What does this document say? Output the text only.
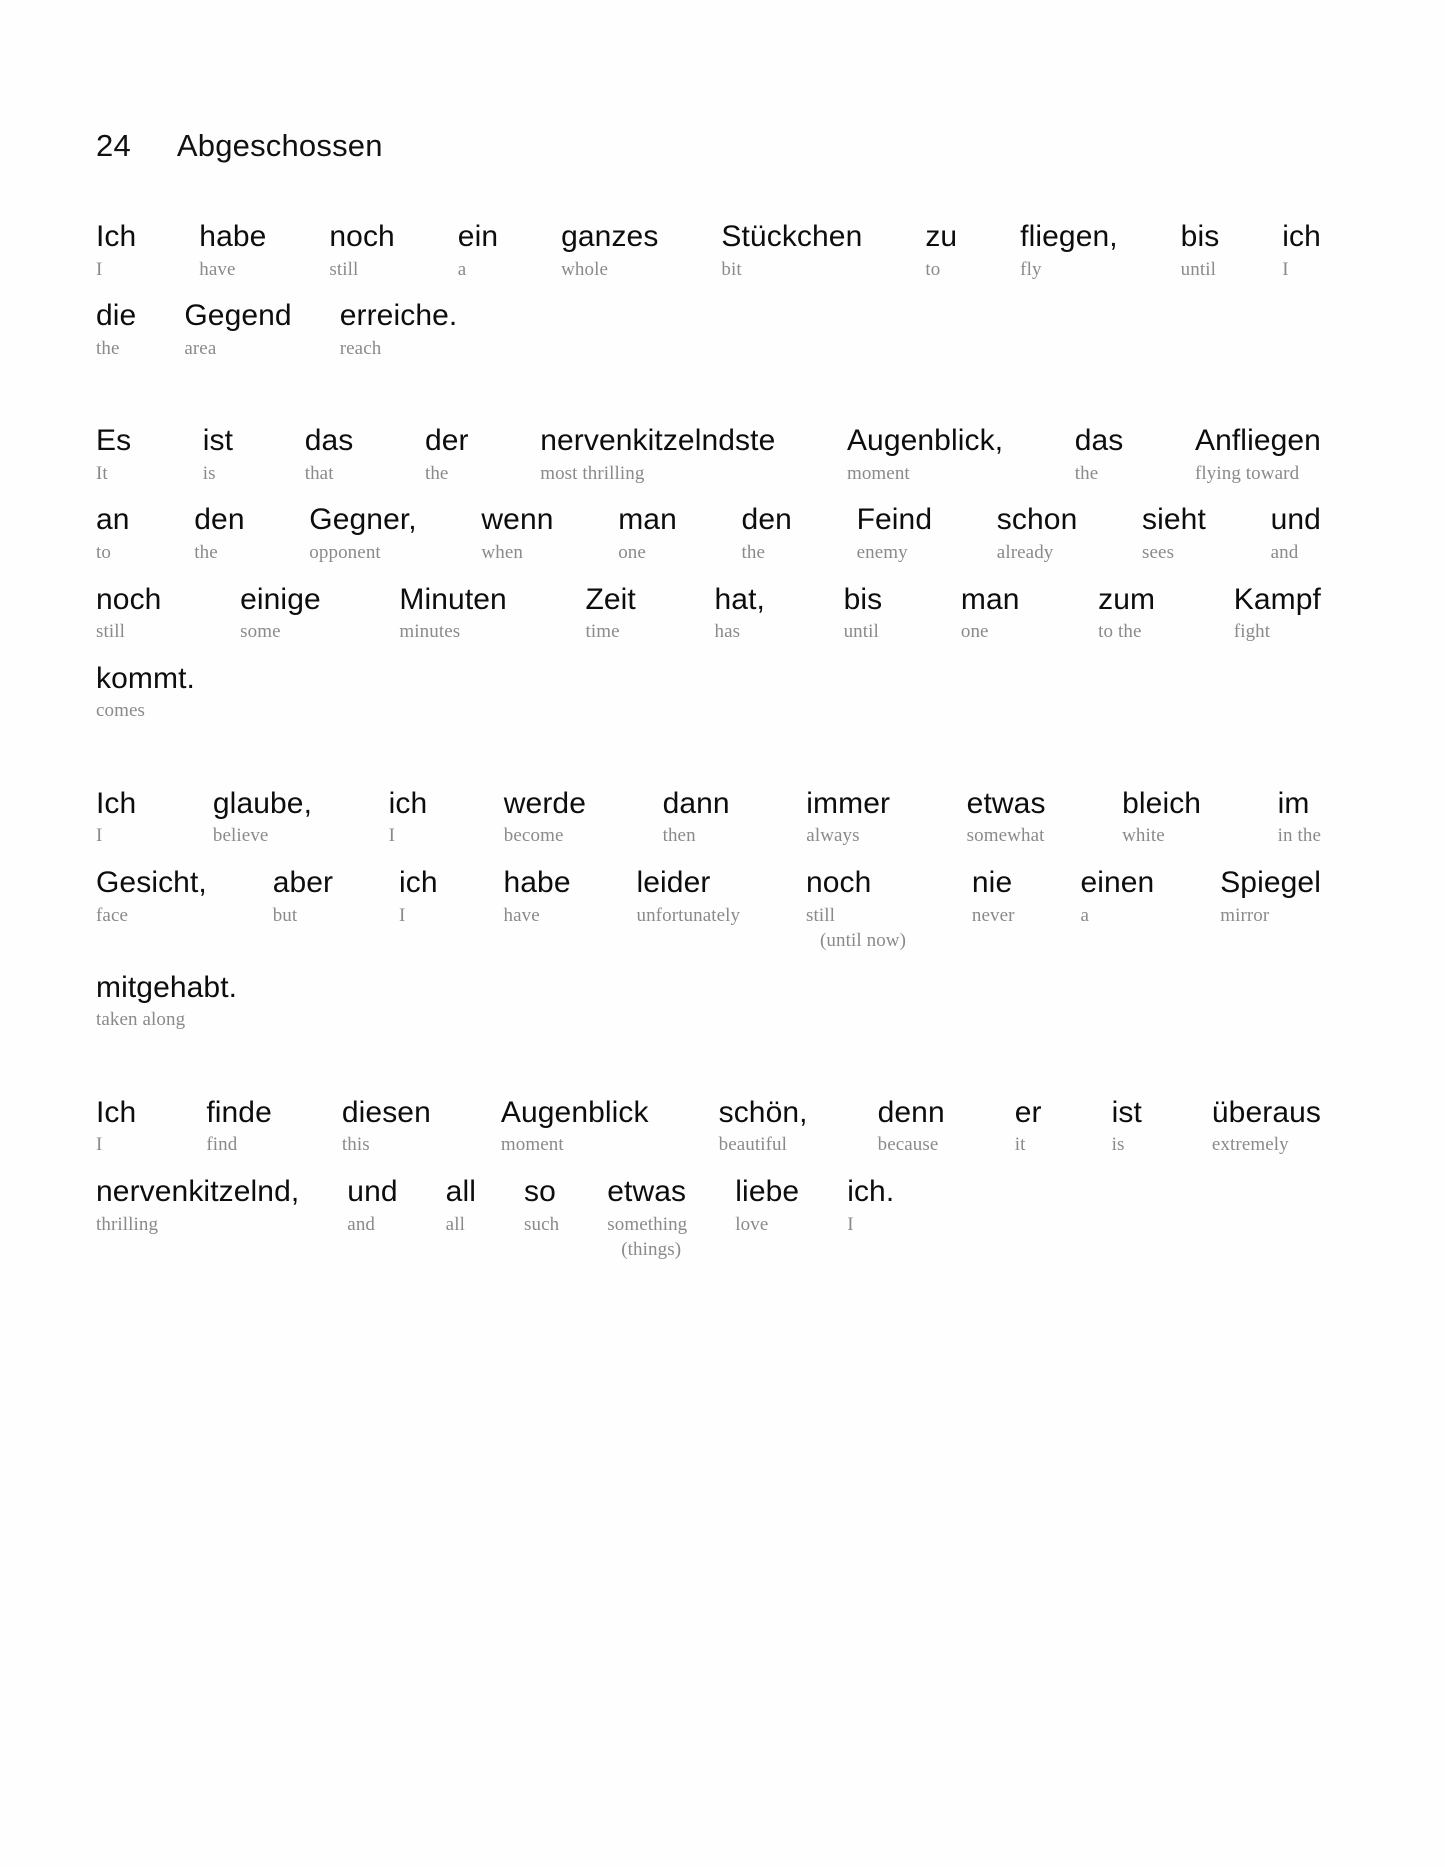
24 Abgeschossen
Ich
I
habe
have
noch
still
ein
a
ganzes
whole
Stückchen
bit
zu
to
fliegen,
fly
bis
until
ich
I
die
the
Gegend
area
erreiche.
reach
Es
It
ist
is
das
that
der
the
nervenkitzelndste
most thrilling
Augenblick,
moment
das
the
Anfliegen
flying toward
an
to
den
the
Gegner,
opponent
wenn
when
man
one
den
the
Feind
enemy
schon
already
sieht
sees
und
and
noch
still
einige
some
Minuten
minutes
Zeit
time
hat,
has
bis
until
man
one
zum
to the
Kampf
fight
kommt.
comes
Ich
I
glaube,
believe
ich
I
werde
become
dann
then
immer
always
etwas
somewhat
bleich
white
im
in the
Gesicht,
face
aber
but
ich
I
habe
have
leider
unfortunately
noch
still
(until now)
nie
never
einen
a
Spiegel
mirror
mitgehabt.
taken along
Ich
I
finde
find
diesen
this
Augenblick
moment
schön,
beautiful
denn
because
er
it
ist
is
überaus
extremely
nervenkitzelnd,
thrilling
und
and
all
all
so
such
etwas
something
(things)
liebe
love
ich.
I
